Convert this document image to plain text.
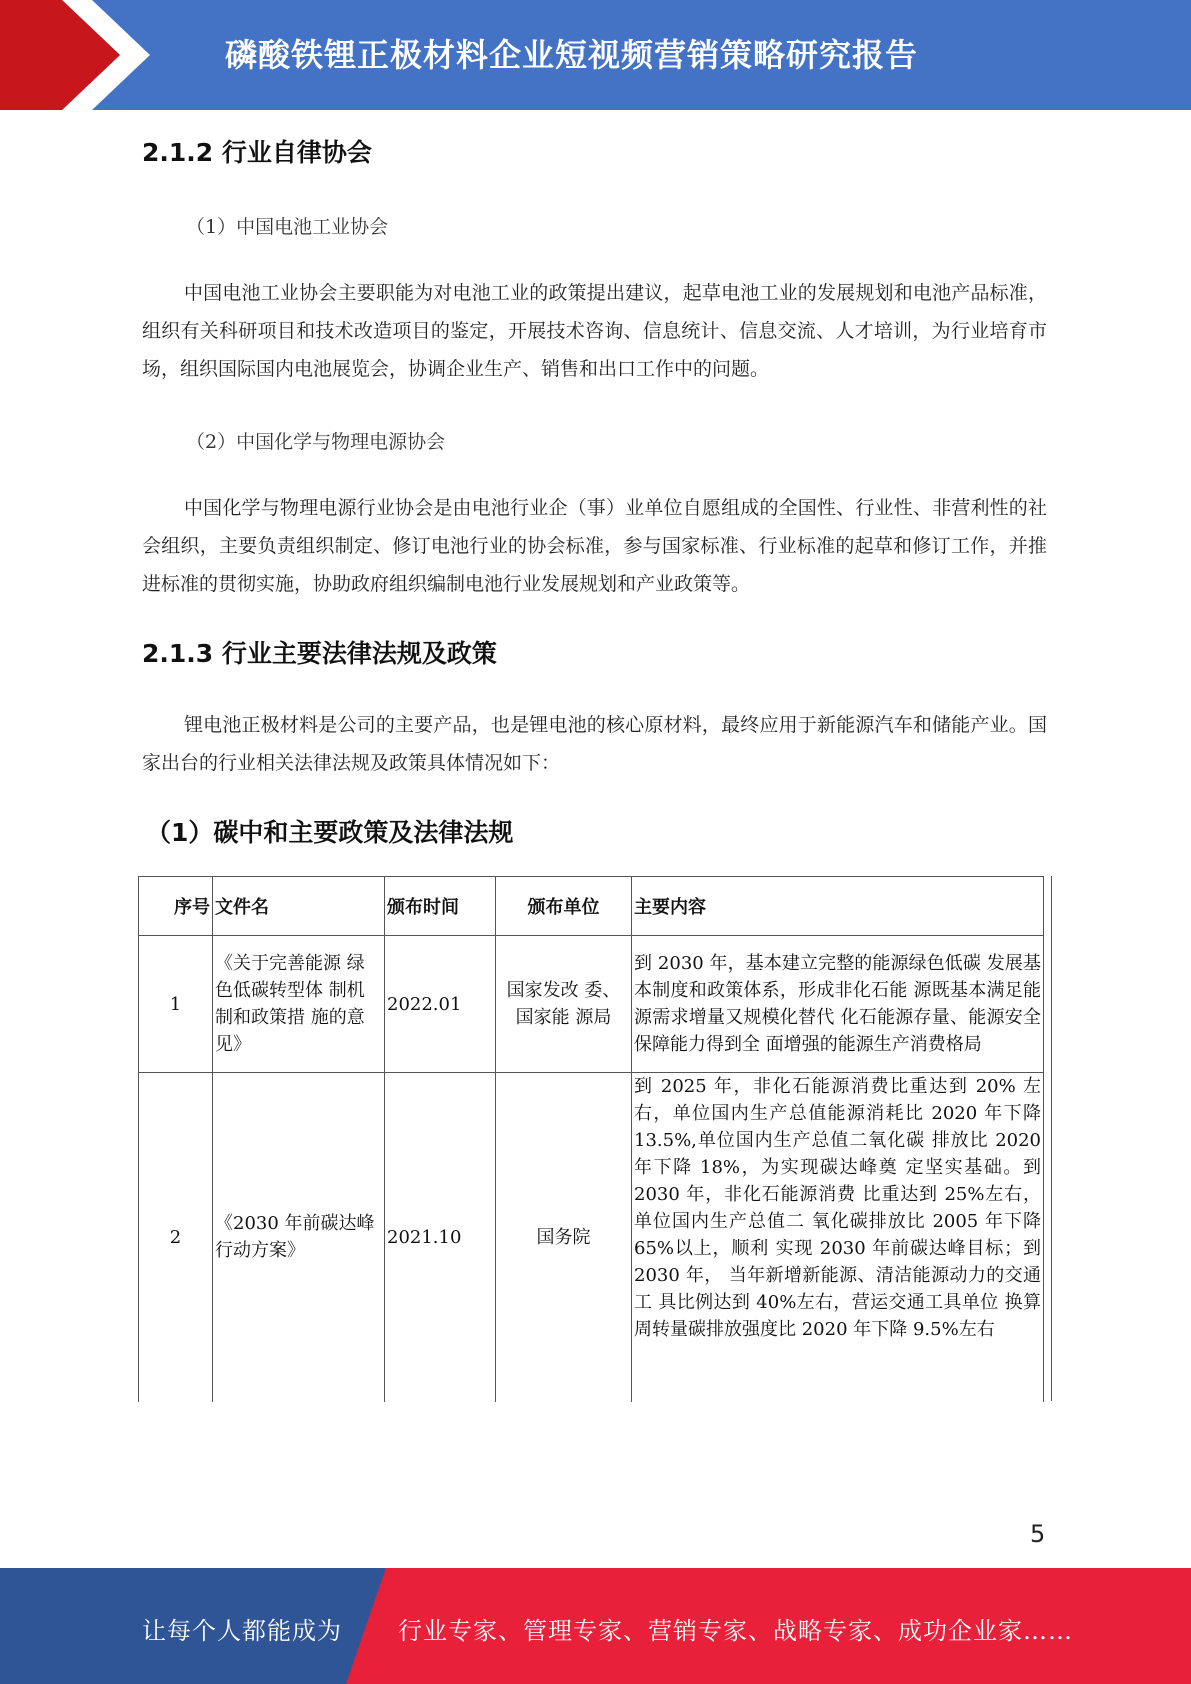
磷酸铁锂正极材料企业短视频营销策略研究报告
2.1.2 行业自律协会
（1）中国电池工业协会
中国电池工业协会主要职能为对电池工业的政策提出建议，起草电池工业的发展规划和电池产品标准，组织有关科研项目和技术改造项目的鉴定，开展技术咨询、信息统计、信息交流、人才培训，为行业培育市场，组织国际国内电池展览会，协调企业生产、销售和出口工作中的问题。
（2）中国化学与物理电源协会
中国化学与物理电源行业协会是由电池行业企（事）业单位自愿组成的全国性、行业性、非营利性的社会组织，主要负责组织制定、修订电池行业的协会标准，参与国家标准、行业标准的起草和修订工作，并推进标准的贯彻实施，协助政府组织编制电池行业发展规划和产业政策等。
2.1.3 行业主要法律法规及政策
锂电池正极材料是公司的主要产品，也是锂电池的核心原材料，最终应用于新能源汽车和储能产业。国家出台的行业相关法律法规及政策具体情况如下：
（1）碳中和主要政策及法律法规
序号	文件名	颁布时间	颁布单位	主要内容
1	《关于完善能源 绿色低碳转型体 制机制和政策措 施的意见》	2022.01	国家发改 委、国家能 源局	到 2030 年，基本建立完整的能源绿色低碳 发展基本制度和政策体系，形成非化石能 源既基本满足能源需求增量又规模化替代 化石能源存量、能源安全保障能力得到全 面增强的能源生产消费格局
2	《2030 年前碳达峰行动方案》	2021.10	国务院	到 2025 年，非化石能源消费比重达到 20% 左右，单位国内生产总值能源消耗比 2020 年下降 13.5%,单位国内生产总值二氧化碳 排放比 2020 年下降 18%，为实现碳达峰奠 定坚实基础。到 2030 年，非化石能源消费 比重达到 25%左右，单位国内生产总值二 氧化碳排放比 2005 年下降 65%以上，顺利 实现 2030 年前碳达峰目标；到 2030 年， 当年新增新能源、清洁能源动力的交通工 具比例达到 40%左右，营运交通工具单位 换算周转量碳排放强度比 2020 年下降 9.5%左右
5
让每个人都能成为 行业专家、管理专家、营销专家、战略专家、成功企业家……
